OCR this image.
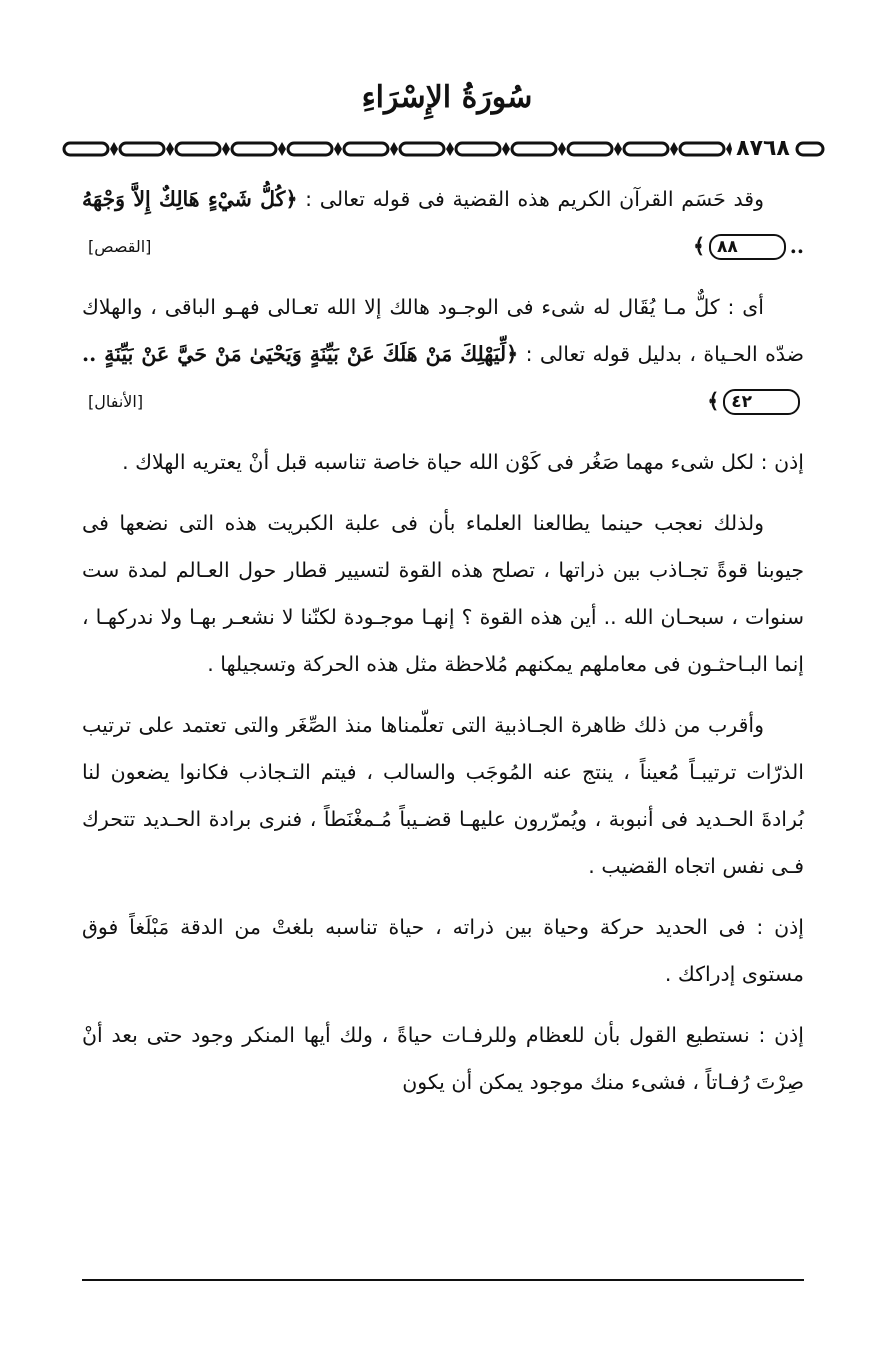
سُورَةُ الإِسْرَاءِ
٨٧٦٨

وقد حَسَم القرآن الكريم هذه القضية فى قوله تعالى : ﴿كُلُّ شَيْءٍ هَالِكٌ إِلاَّ وَجْهَهُ ..٨٨﴾
[القصص]

أى : كلٌّ مـا يُقَال له شىء فى الوجـود هالك إلا الله تعـالى فهـو الباقى ، والهلاك ضدّه الحـياة ، بدليل قوله تعالى : ﴿لِّيَهْلِكَ مَنْ هَلَكَ عَنْ بَيِّنَةٍ وَيَحْيَىٰ مَنْ حَيَّ عَنْ بَيِّنَةٍ ..٤٢﴾
[الأنفال]

إذن : لكل شىء مهما صَغُر فى كَوْن الله حياة خاصة تناسبه قبل أنْ يعتريه الهلاك .

ولذلك نعجب حينما يطالعنا العلماء بأن فى علبة الكبريت هذه التى نضعها فى جيوبنا قوةً تجـاذب بين ذراتها ، تصلح هذه القوة لتسيير قطار حول العـالم لمدة ست سنوات ، سبحـان الله .. أين هذه القوة ؟ إنهـا موجـودة لكنّنا لا نشعـر بهـا ولا ندركهـا ، إنما البـاحثـون فى معاملهم يمكنهم مُلاحظة مثل هذه الحركة وتسجيلها .

وأقرب من ذلك ظاهرة الجـاذبية التى تعلّمناها منذ الصِّغَر والتى تعتمد على ترتيب الذرّات ترتيبـاً مُعيناً ، ينتج عنه المُوجَب والسالب ، فيتم التـجاذب فكانوا يضعون لنا بُرادةَ الحـديد فى أنبوبة ، ويُمرّرون عليهـا قضـيباً مُـمغْنَطاً ، فنرى برادة الحـديد تتحرك فـى نفس اتجاه القضيب .

إذن : فى الحديد حركة وحياة بين ذراته ، حياة تناسبه بلغتْ من الدقة مَبْلَغاً فوق مستوى إدراكك .

إذن : نستطيع القول بأن للعظام وللرفـات حياةً ، ولك أيها المنكر وجود حتى بعد أنْ صِرْتَ رُفـاتاً ، فشىء منك موجود يمكن أن يكون
